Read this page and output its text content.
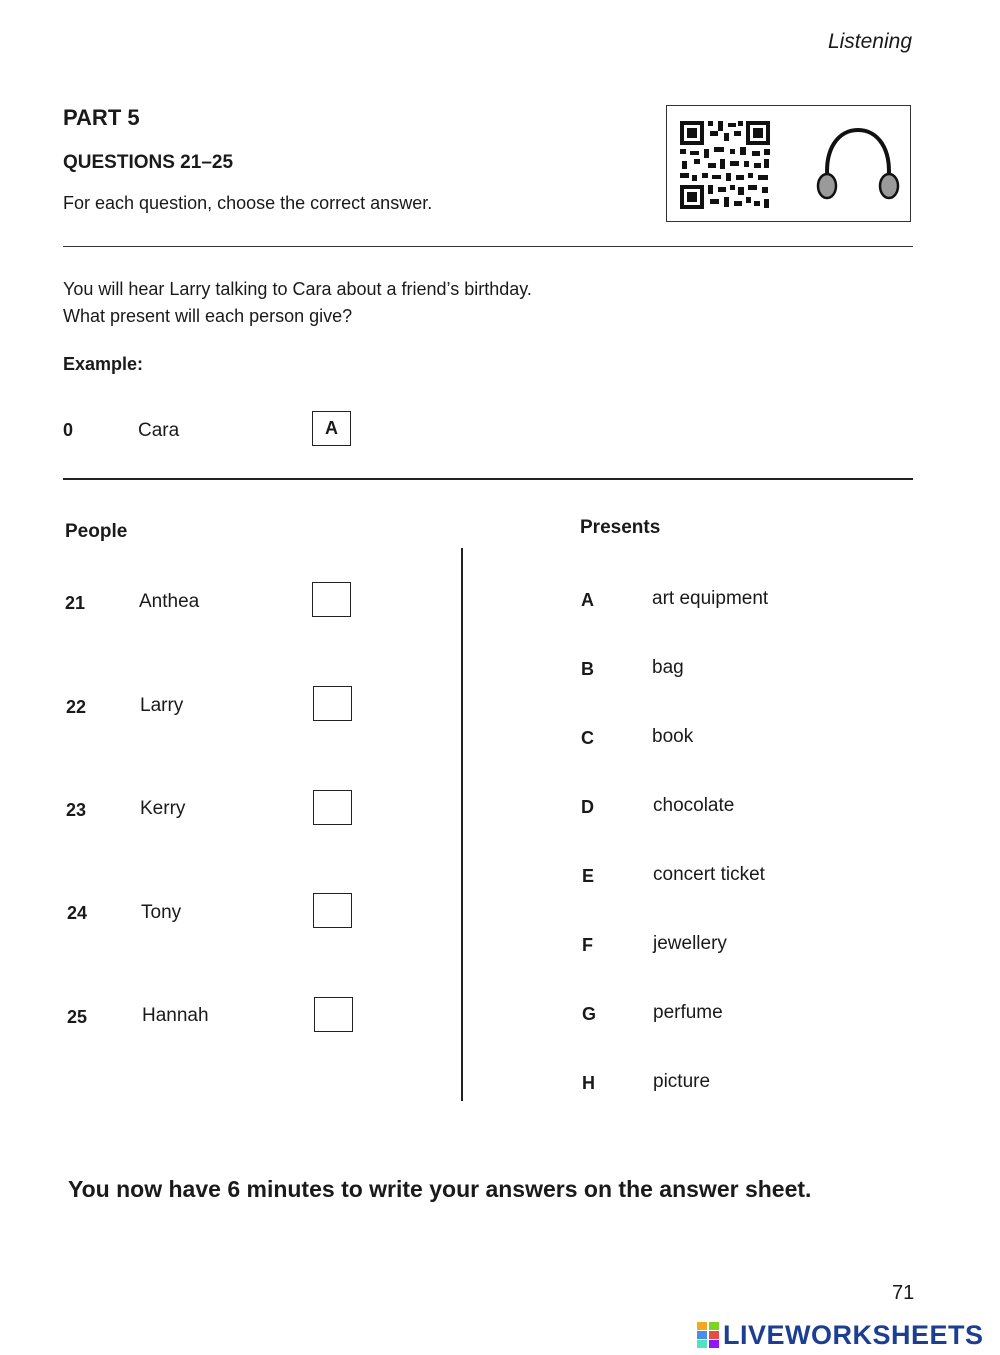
Listening
PART 5
QUESTIONS 21–25
For each question, choose the correct answer.
You will hear Larry talking to Cara about a friend’s birthday.
What present will each person give?
Example:
0	Cara	A
People	Presents
21	Anthea
22	Larry
23	Kerry
24	Tony
25	Hannah
A	art equipment
B	bag
C	book
D	chocolate
E	concert ticket
F	jewellery
G	perfume
H	picture
You now have 6 minutes to write your answers on the answer sheet.
71
LIVEWORKSHEETS
